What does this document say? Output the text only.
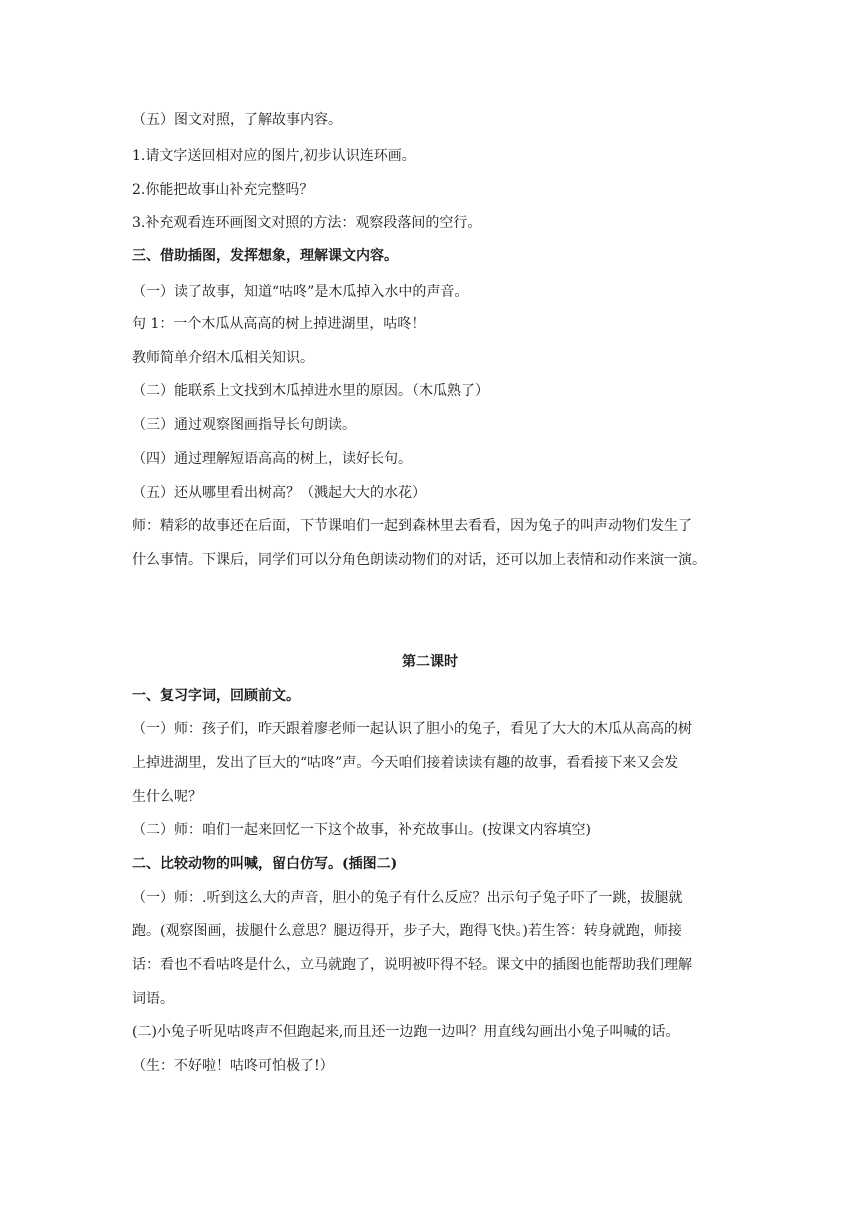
（五）图文对照，了解故事内容。

1.请文字送回相对应的图片,初步认识连环画。

2.你能把故事山补充完整吗？

3.补充观看连环画图文对照的方法：观察段落间的空行。

三、借助插图，发挥想象，理解课文内容。

（一）读了故事，知道“咕咚”是木瓜掉入水中的声音。

句 1：一个木瓜从高高的树上掉进湖里，咕咚！

教师简单介绍木瓜相关知识。

（二）能联系上文找到木瓜掉进水里的原因。（木瓜熟了）

（三）通过观察图画指导长句朗读。

（四）通过理解短语高高的树上，读好长句。

（五）还从哪里看出树高？（溅起大大的水花）

师：精彩的故事还在后面，下节课咱们一起到森林里去看看，因为兔子的叫声动物们发生了

什么事情。下课后，同学们可以分角色朗读动物们的对话，还可以加上表情和动作来演一演。

第二课时

一、复习字词，回顾前文。

（一）师：孩子们，昨天跟着廖老师一起认识了胆小的兔子，看见了大大的木瓜从高高的树

上掉进湖里，发出了巨大的“咕咚”声。今天咱们接着读读有趣的故事，看看接下来又会发

生什么呢？

（二）师：咱们一起来回忆一下这个故事，补充故事山。(按课文内容填空)

二、比较动物的叫喊，留白仿写。(插图二)

（一）师：.听到这么大的声音，胆小的兔子有什么反应？出示句子兔子吓了一跳，拔腿就

跑。(观察图画，拔腿什么意思？腿迈得开，步子大，跑得飞快。)若生答：转身就跑，师接

话：看也不看咕咚是什么，立马就跑了，说明被吓得不轻。课文中的插图也能帮助我们理解

词语。

(二)小兔子听见咕咚声不但跑起来,而且还一边跑一边叫？用直线勾画出小兔子叫喊的话。

（生：不好啦！咕咚可怕极了!）
